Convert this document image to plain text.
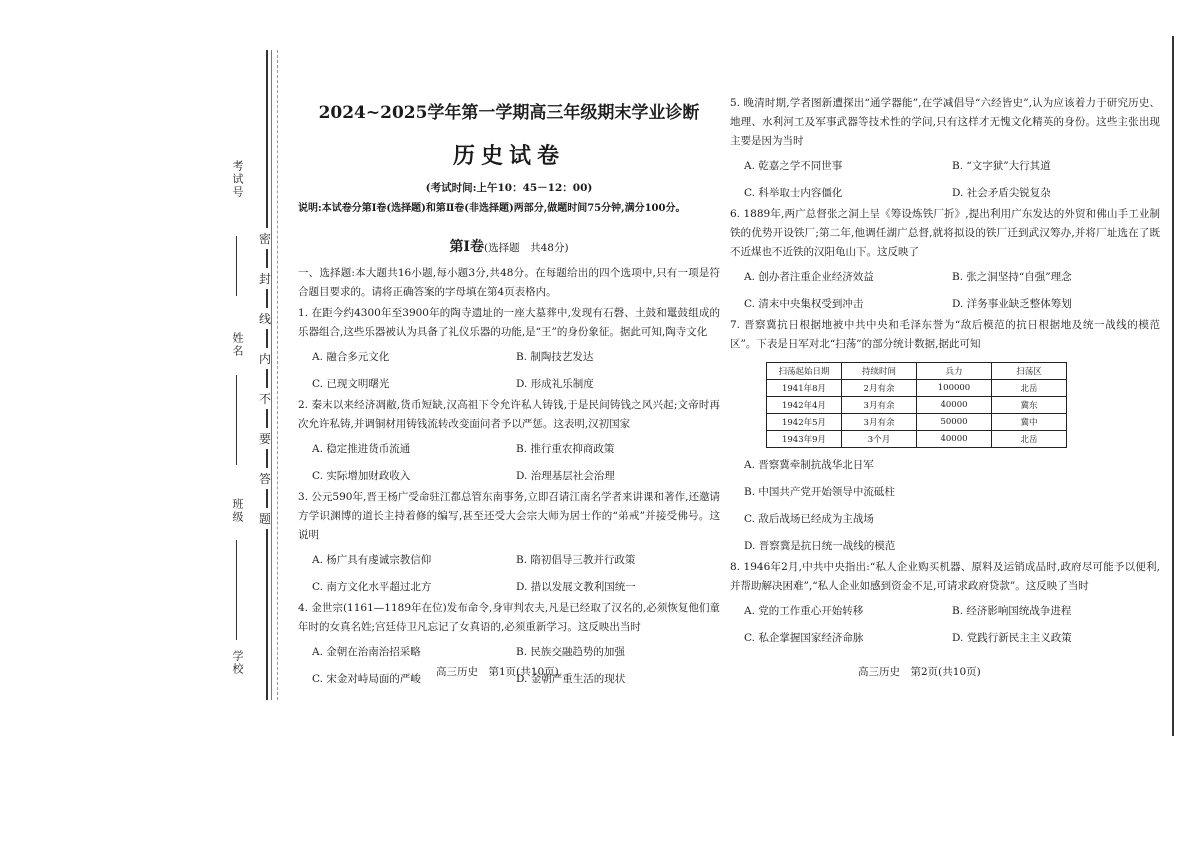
考试号
姓名
班级
学校
密
封
线
内
不
要
答
题
2024~2025学年第一学期高三年级期末学业诊断
历史试卷
(考试时间:上午10：45－12：00)
说明:本试卷分第Ⅰ卷(选择题)和第Ⅱ卷(非选择题)两部分,做题时间75分钟,满分100分。
第Ⅰ卷(选择题　共48分)
一、选择题:本大题共16小题,每小题3分,共48分。在每题给出的四个选项中,只有一项是符合题目要求的。请将正确答案的字母填在第4页表格内。
1. 在距今约4300年至3900年的陶寺遗址的一座大墓葬中,发现有石磬、土鼓和鼍鼓组成的乐器组合,这些乐器被认为具备了礼仪乐器的功能,是“王”的身份象征。据此可知,陶寺文化
A. 融合多元文化	B. 制陶技艺发达
C. 已现文明曙光	D. 形成礼乐制度
2. 秦末以来经济凋敝,货币短缺,汉高祖下令允许私人铸钱,于是民间铸钱之风兴起;文帝时再次允许私铸,并调铜材用铸钱流转改变面问者予以严惩。这表明,汉初国家
A. 稳定推进货币流通	B. 推行重农抑商政策
C. 实际增加财政收入	D. 治理基层社会治理
3. 公元590年,晋王杨广受命驻江都总管东南事务,立即召请江南名学者来讲课和著作,还邀请方学识渊博的道长主持着修的编写,甚至还受大会宗大师为居士作的“弟戒”并接受佛号。这说明
A. 杨广具有虔诚宗教信仰	B. 隋初倡导三教并行政策
C. 南方文化水平超过北方	D. 措以发展文教利国统一
4. 金世宗(1161—1189年在位)发布命令,身审判农夫,凡是已经取了汉名的,必须恢复他们童年时的女真名姓;宫廷侍卫凡忘记了女真语的,必须重新学习。这反映出当时
A. 金朝在治南治招采略	B. 民族交融趋势的加强
C. 宋金对峙局面的严峻	D. 金朝严重生活的现状
高三历史　第1页(共10页)
5. 晚清时期,学者图新遭探出“通学器能”,在学减倡导“六经皆史”,认为应该着力于研究历史、地理、水利河工及军事武器等技术性的学问,只有这样才无愧文化精英的身份。这些主张出现主要是因为当时
A. 乾嘉之学不同世事	B. “文字狱”大行其道
C. 科举取士内容僵化	D. 社会矛盾尖锐复杂
6. 1889年,两广总督张之洞上呈《筹设炼铁厂折》,提出利用广东发达的外贸和佛山手工业制铁的优势开设铁厂;第二年,他调任湖广总督,就将拟设的铁厂迁到武汉筹办,并将厂址选在了既不近煤也不近铁的汉阳龟山下。这反映了
A. 创办者注重企业经济效益	B. 张之洞坚持“自强”理念
C. 清末中央集权受到冲击	D. 洋务事业缺乏整体筹划
7. 晋察冀抗日根据地被中共中央和毛泽东誉为“敌后模范的抗日根据地及统一战线的模范区”。下表是日军对北“扫荡”的部分统计数据,据此可知
扫荡起始日期	持续时间	兵力	扫荡区
1941年8月	2月有余	100000	北岳
1942年4月	3月有余	40000	冀东
1942年5月	3月有余	50000	冀中
1943年9月	3个月	40000	北岳
A. 晋察冀牵制抗战华北日军
B. 中国共产党开始领导中流砥柱
C. 敌后战场已经成为主战场
D. 晋察冀是抗日统一战线的模范
8. 1946年2月,中共中央指出:“私人企业购买机器、原料及运销成品时,政府尽可能予以便利,并帮助解决困难”,“私人企业如感到资金不足,可请求政府贷款”。这反映了当时
A. 党的工作重心开始转移	B. 经济影响国统战争进程
C. 私企掌握国家经济命脉	D. 党践行新民主主义政策
高三历史　第2页(共10页)
